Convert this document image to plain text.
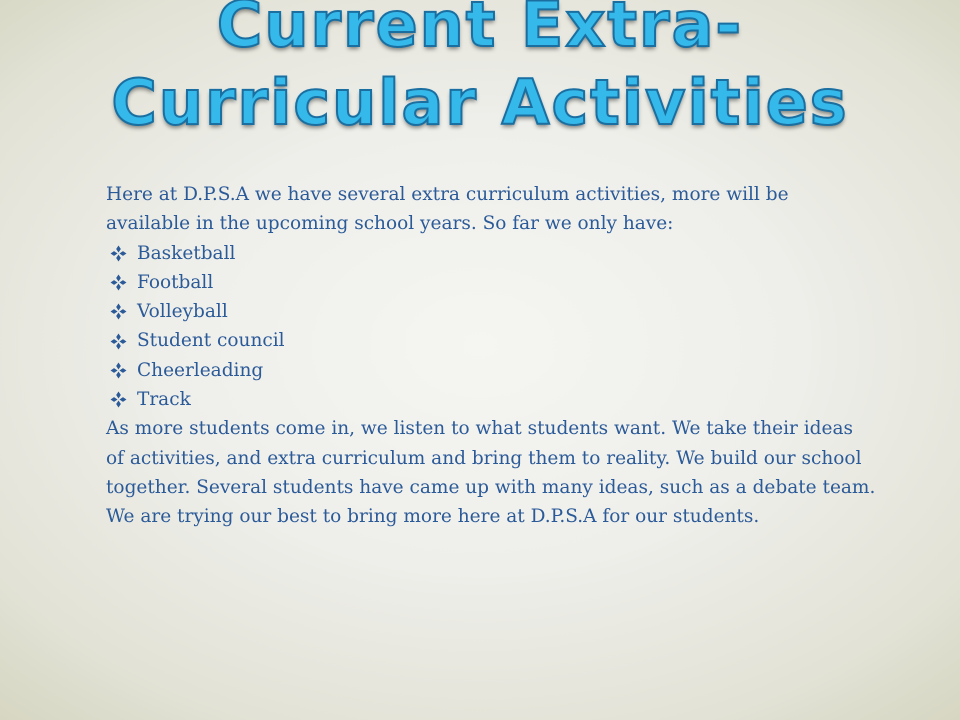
Current Extra-
Curricular Activities

Here at D.P.S.A we have several extra curriculum activities, more will be available in the upcoming school years. So far we only have:

Basketball
Football
Volleyball
Student council
Cheerleading
Track

As more students come in, we listen to what students want. We take their ideas of activities, and extra curriculum and bring them to reality. We build our school together. Several students have came up with many ideas, such as a debate team. We are trying our best to bring more here at D.P.S.A for our students.
